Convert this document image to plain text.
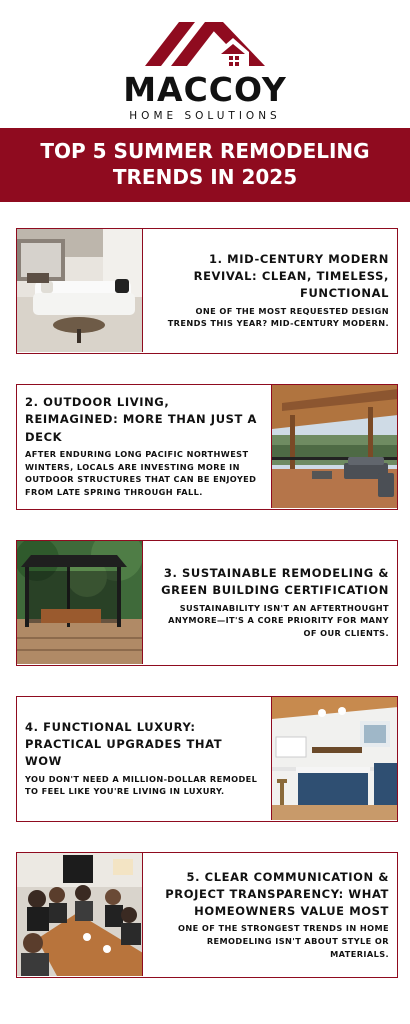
MACCOY
HOME SOLUTIONS
TOP 5 SUMMER REMODELING TRENDS IN 2025
1. MID-CENTURY MODERN REVIVAL: CLEAN, TIMELESS, FUNCTIONAL
ONE OF THE MOST REQUESTED DESIGN TRENDS THIS YEAR? MID-CENTURY MODERN.
2. OUTDOOR LIVING, REIMAGINED: MORE THAN JUST A DECK
AFTER ENDURING LONG PACIFIC NORTHWEST WINTERS, LOCALS ARE INVESTING MORE IN OUTDOOR STRUCTURES THAT CAN BE ENJOYED FROM LATE SPRING THROUGH FALL.
3. SUSTAINABLE REMODELING & GREEN BUILDING CERTIFICATION
SUSTAINABILITY ISN'T AN AFTERTHOUGHT ANYMORE—IT'S A CORE PRIORITY FOR MANY OF OUR CLIENTS.
4. FUNCTIONAL LUXURY: PRACTICAL UPGRADES THAT WOW
YOU DON'T NEED A MILLION-DOLLAR REMODEL TO FEEL LIKE YOU'RE LIVING IN LUXURY.
5. CLEAR COMMUNICATION & PROJECT TRANSPARENCY: WHAT HOMEOWNERS VALUE MOST
ONE OF THE STRONGEST TRENDS IN HOME REMODELING ISN'T ABOUT STYLE OR MATERIALS.
